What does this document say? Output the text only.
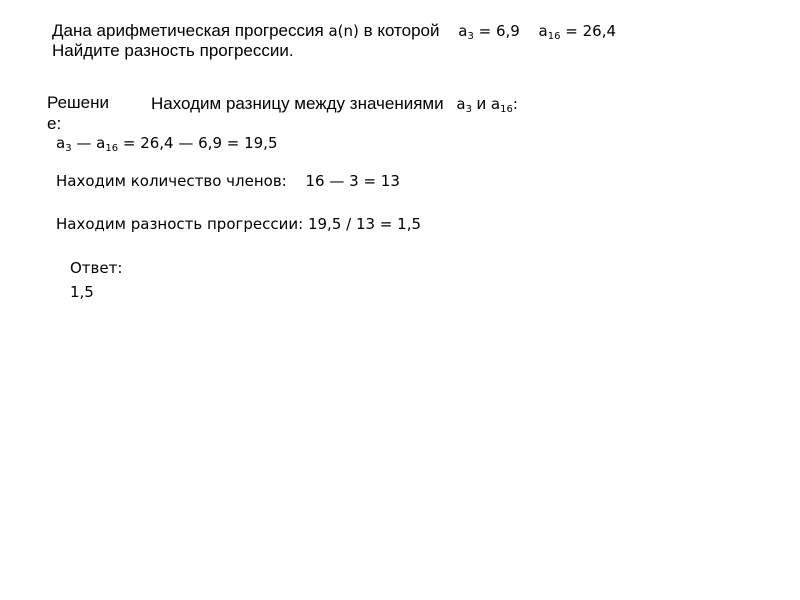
Дана арифметическая прогрессия a(n) в которой $a_3 = 6,9$ $a_{16} = 26,4$
Найдите разность прогрессии.
Решение:
Находим разницу между значениями $a_3$ и $a_{16}$:
$a_3$ — $a_{16} = 26,4$ — 6,9 = 19,5
Находим количество членов: 16 — 3 = 13
Находим разность прогрессии: 19,5 / 13 = 1,5
Ответ:
1,5
